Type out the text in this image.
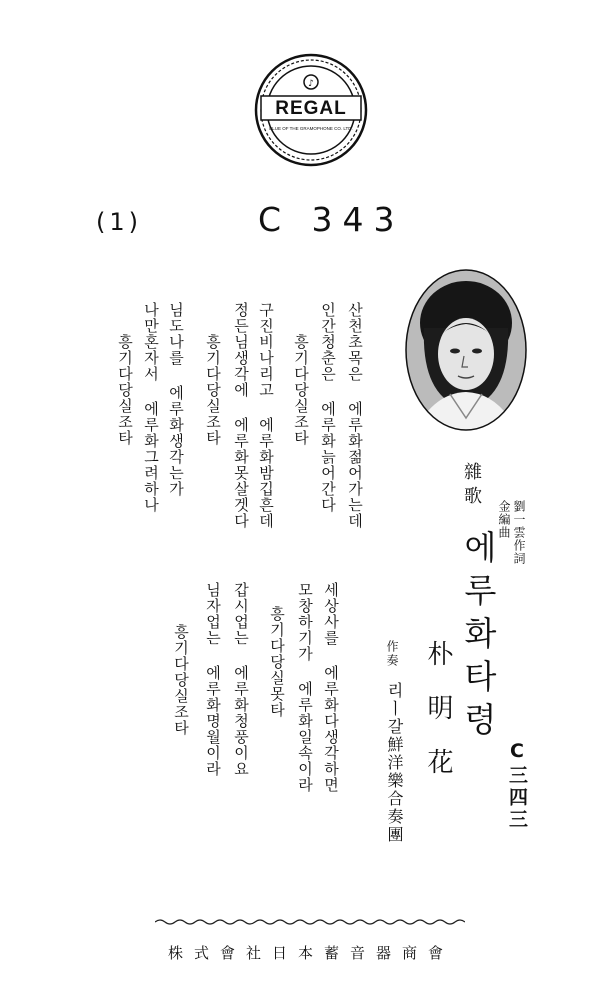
REGAL
♪
BLUE OF THE GRAMOPHONE CO. LTD.
(1)	C 343
산천초목은 에루화젊어가는데
인간청춘은 에루화늙어간다
흥기다당실조타
구진비나리고 에루화밤깁흔데
정든님생각에 에루화못살겟다
흥기다당실조타
님도나를 에루화생각는가
나만혼자서 에루화그려하나
흥기다당실조타
雜歌
劉一雲作詞 金編曲
에루화타령
朴明花
作奏
리ㅣ갈鮮洋樂合奏團	C三四三
세상사를 에루화다생각하면
모창하기가 에루화일속이라
흥기다당실못타
갑시업는 에루화청풍이요
님자업는 에루화명월이라
흥기다당실조타
株式會社日本蓄音器商會
